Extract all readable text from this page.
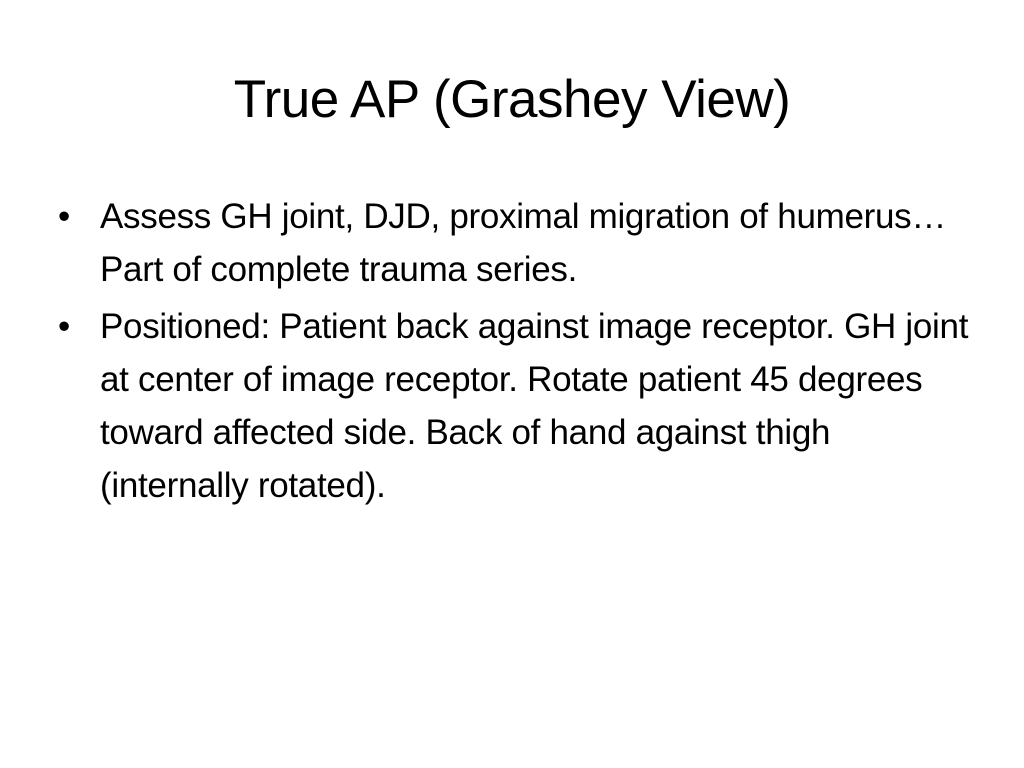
True AP (Grashey View)
• Assess GH joint, DJD, proximal migration of humerus… Part of complete trauma series.
• Positioned: Patient back against image receptor. GH joint at center of image receptor. Rotate patient 45 degrees toward affected side. Back of hand against thigh (internally rotated).
